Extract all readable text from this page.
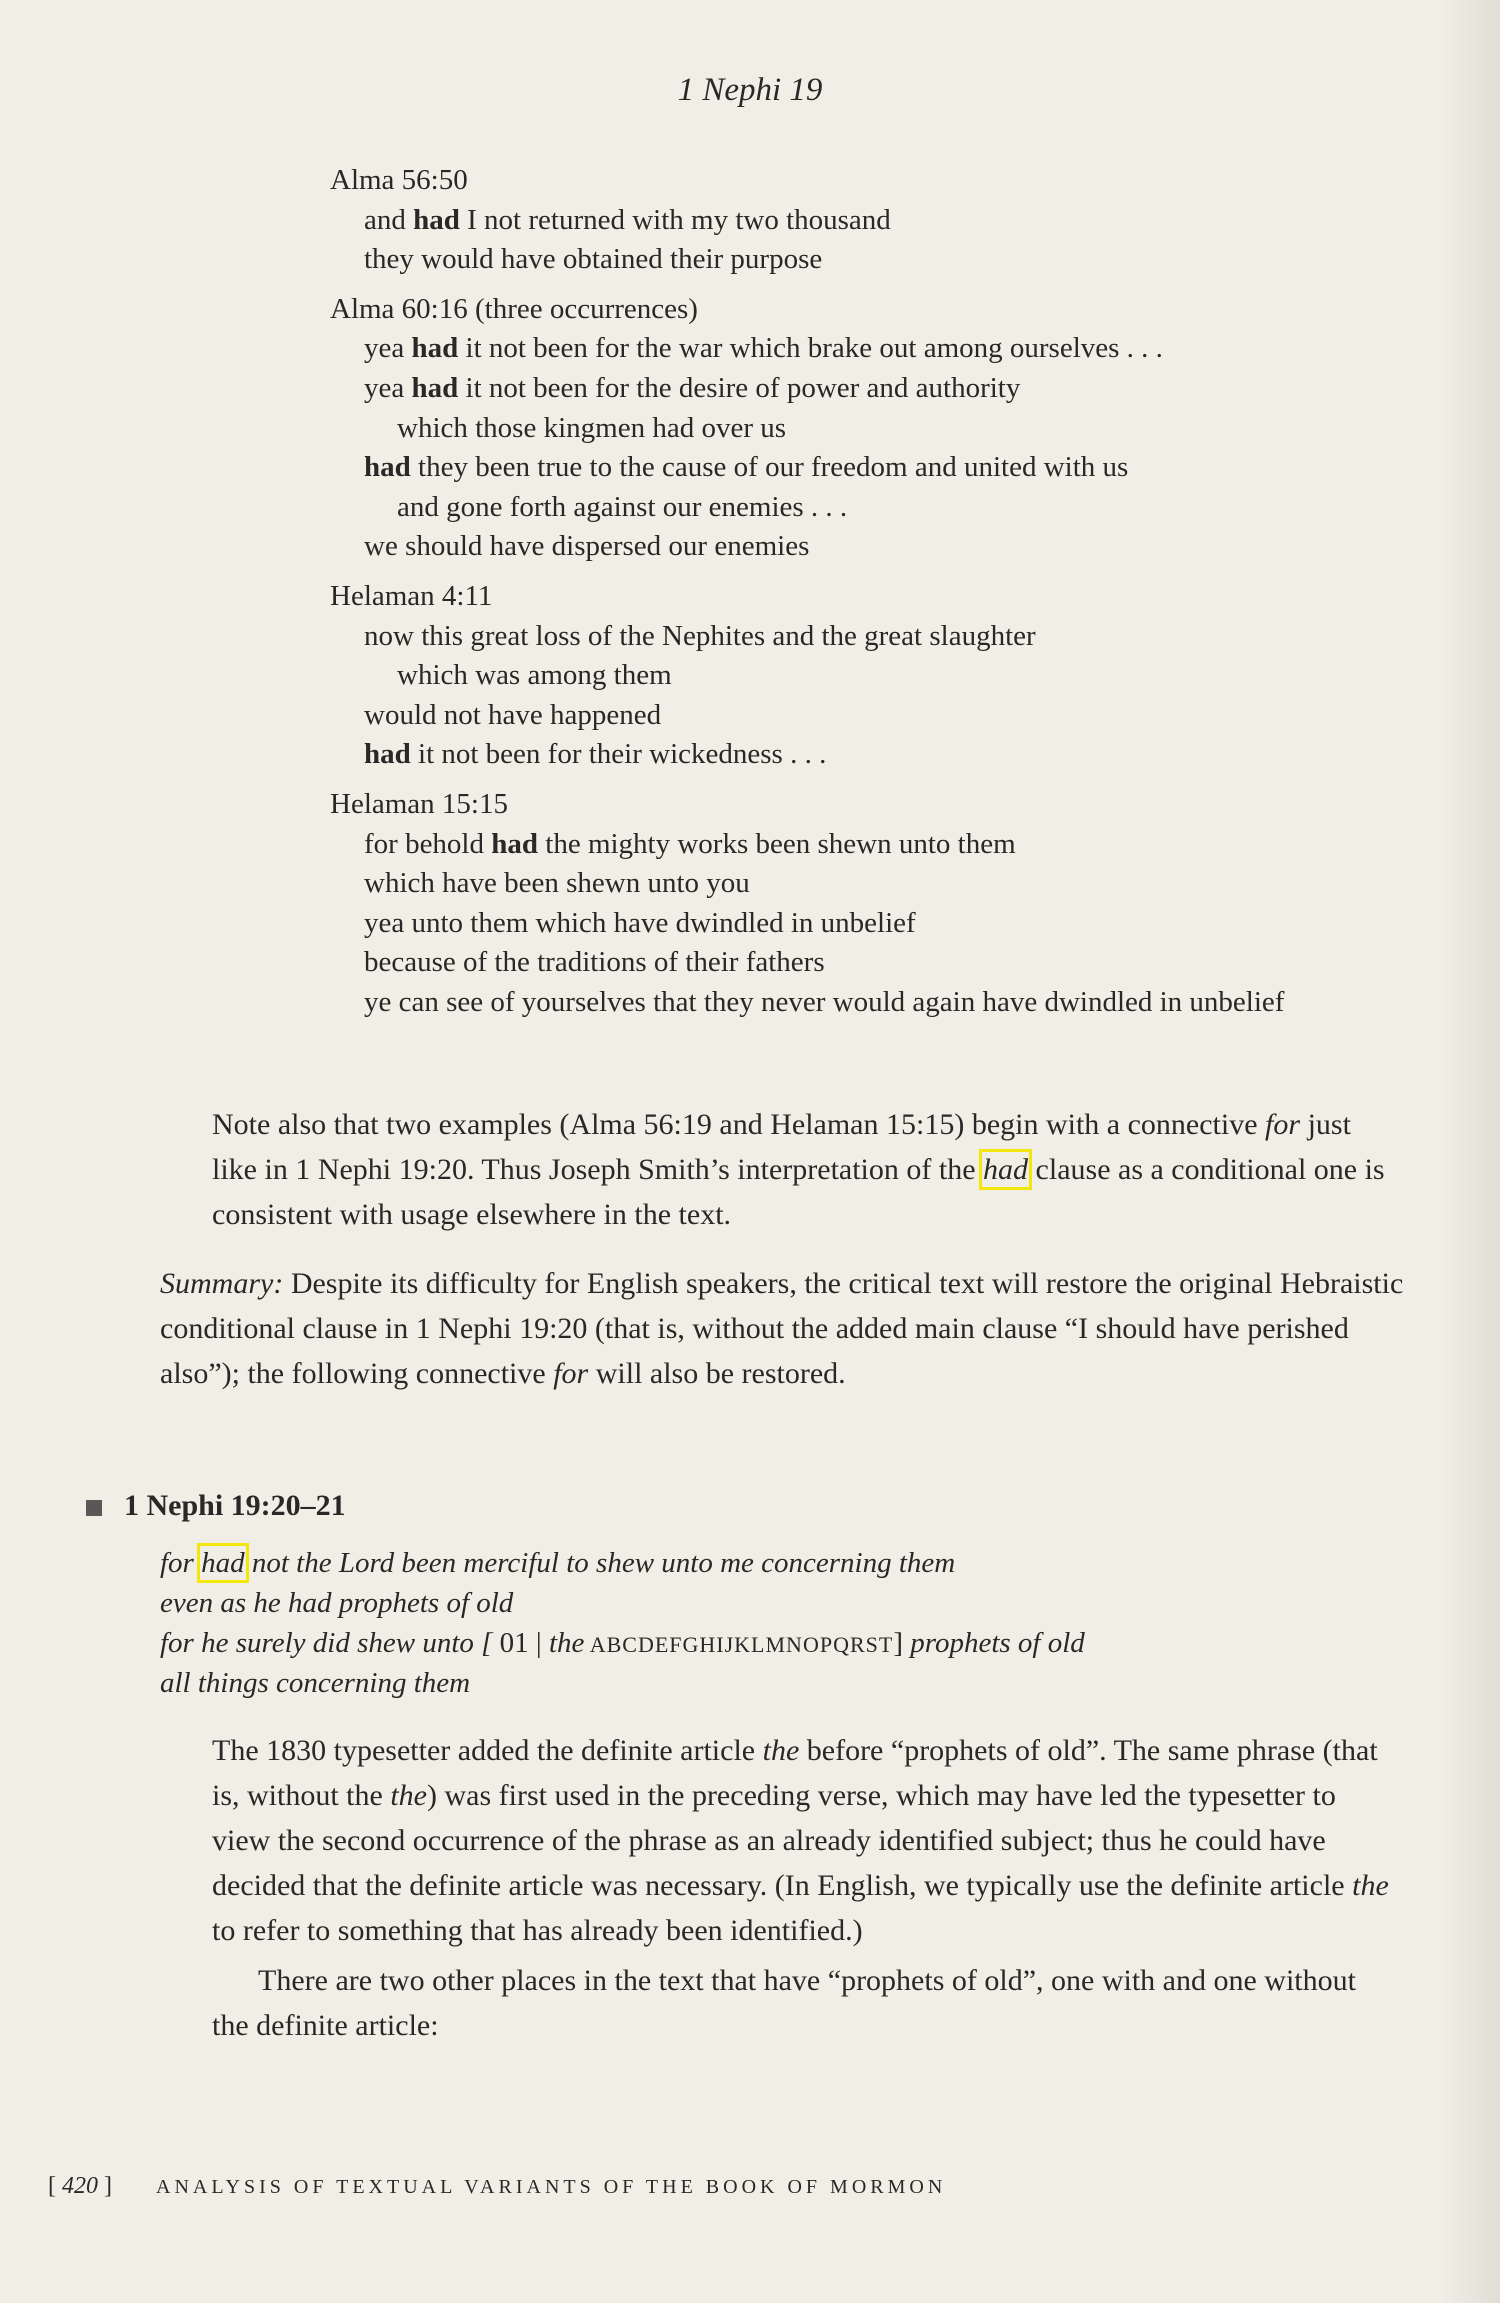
1 Nephi 19
Alma 56:50
and had I not returned with my two thousand
they would have obtained their purpose
Alma 60:16 (three occurrences)
yea had it not been for the war which brake out among ourselves . . .
yea had it not been for the desire of power and authority
which those kingmen had over us
had they been true to the cause of our freedom and united with us
and gone forth against our enemies . . .
we should have dispersed our enemies
Helaman 4:11
now this great loss of the Nephites and the great slaughter
which was among them
would not have happened
had it not been for their wickedness . . .
Helaman 15:15
for behold had the mighty works been shewn unto them
which have been shewn unto you
yea unto them which have dwindled in unbelief
because of the traditions of their fathers
ye can see of yourselves that they never would again have dwindled in unbelief
Note also that two examples (Alma 56:19 and Helaman 15:15) begin with a connective for just
like in 1 Nephi 19:20. Thus Joseph Smith’s interpretation of the had clause as a conditional one is
consistent with usage elsewhere in the text.
Summary: Despite its difficulty for English speakers, the critical text will restore the original Hebraistic
conditional clause in 1 Nephi 19:20 (that is, without the added main clause “I should have perished
also”); the following connective for will also be restored.
1 Nephi 19:20–21
for had not the Lord been merciful to shew unto me concerning them
even as he had prophets of old
for he surely did shew unto [ 01 | the ABCDEFGHIJKLMNOPQRST] prophets of old
all things concerning them
The 1830 typesetter added the definite article the before “prophets of old”. The same phrase (that
is, without the the) was first used in the preceding verse, which may have led the typesetter to
view the second occurrence of the phrase as an already identified subject; thus he could have
decided that the definite article was necessary. (In English, we typically use the definite article the
to refer to something that has already been identified.)
There are two other places in the text that have “prophets of old”, one with and one without
the definite article:
[ 420 ] ANALYSIS OF TEXTUAL VARIANTS OF THE BOOK OF MORMON
